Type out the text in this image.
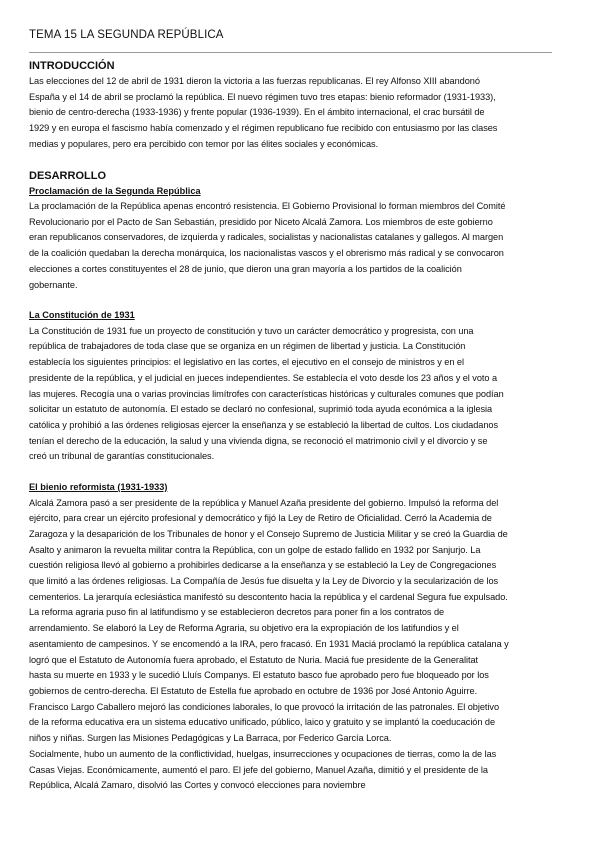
TEMA 15 LA SEGUNDA REPÚBLICA
INTRODUCCIÓN
Las elecciones del 12 de abril de 1931 dieron la victoria a las fuerzas republicanas. El rey Alfonso XIII abandonó
España y el 14 de abril se proclamó la república. El nuevo régimen tuvo tres etapas: bienio reformador (1931-1933),
bienio de centro-derecha (1933-1936) y frente popular (1936-1939). En el ámbito internacional, el crac bursátil de
1929 y en europa el fascismo había comenzado y el régimen republicano fue recibido con entusiasmo por las clases
medias y populares, pero era percibido con temor por las élites sociales y económicas.
DESARROLLO
Proclamación de la Segunda República
La proclamación de la República apenas encontró resistencia. El Gobierno Provisional lo forman miembros del Comité
Revolucionario por el Pacto de San Sebastián, presidido por Niceto Alcalá Zamora. Los miembros de este gobierno
eran republicanos conservadores, de izquierda y radicales, socialistas y nacionalistas catalanes y gallegos. Al margen
de la coalición quedaban la derecha monárquica, los nacionalistas vascos y el obrerismo más radical y se convocaron
elecciones a cortes constituyentes el 28 de junio, que dieron una gran mayoría a los partidos de la coalición
gobernante.
La Constitución de 1931
La Constitución de 1931 fue un proyecto de constitución y tuvo un carácter democrático y progresista, con una
república de trabajadores de toda clase que se organiza en un régimen de libertad y justicia. La Constitución
establecía los siguientes principios: el legislativo en las cortes, el ejecutivo en el consejo de ministros y en el
presidente de la república, y el judicial en jueces independientes. Se establecía el voto desde los 23 años y el voto a
las mujeres. Recogía una o varias provincias limítrofes con características históricas y culturales comunes que podían
solicitar un estatuto de autonomía. El estado se declaró no confesional, suprimió toda ayuda económica a la iglesia
católica y prohibió a las órdenes religiosas ejercer la enseñanza y se estableció la libertad de cultos. Los ciudadanos
tenían el derecho de la educación, la salud y una vivienda digna, se reconoció el matrimonio civil y el divorcio y se
creó un tribunal de garantías constitucionales.
El bienio reformista (1931-1933)
Alcalá Zamora pasó a ser presidente de la república y Manuel Azaña presidente del gobierno. Impulsó la reforma del
ejército, para crear un ejército profesional y democrático y fijó la Ley de Retiro de Oficialidad. Cerró la Academia de
Zaragoza y la desaparición de los Tribunales de honor y el Consejo Supremo de Justicia Militar y se creó la Guardia de
Asalto y animaron la revuelta militar contra la República, con un golpe de estado fallido en 1932 por Sanjurjo. La
cuestión religiosa llevó al gobierno a prohibirles dedicarse a la enseñanza y se estableció la Ley de Congregaciones
que limitó a las órdenes religiosas. La Compañía de Jesús fue disuelta y la Ley de Divorcio y la secularización de los
cementerios. La jerarquía eclesiástica manifestó su descontento hacia la república y el cardenal Segura fue expulsado.
La reforma agraria puso fin al latifundismo y se establecieron decretos para poner fin a los contratos de
arrendamiento. Se elaboró la Ley de Reforma Agraria, su objetivo era la expropiación de los latifundios y el
asentamiento de campesinos. Y se encomendó a la IRA, pero fracasó. En 1931 Maciá proclamó la república catalana y
logró que el Estatuto de Autonomía fuera aprobado, el Estatuto de Nuria. Maciá fue presidente de la Generalitat
hasta su muerte en 1933 y le sucedió Lluís Companys. El estatuto basco fue aprobado pero fue bloqueado por los
gobiernos de centro-derecha. El Estatuto de Estella fue aprobado en octubre de 1936 por José Antonio Aguirre.
Francisco Largo Caballero mejoró las condiciones laborales, lo que provocó la irritación de las patronales. El objetivo
de la reforma educativa era un sistema educativo unificado, público, laico y gratuito y se implantó la coeducación de
niños y niñas. Surgen las Misiones Pedagógicas y La Barraca, por Federico García Lorca.
Socialmente, hubo un aumento de la conflictividad, huelgas, insurrecciones y ocupaciones de tierras, como la de las
Casas Viejas. Económicamente, aumentó el paro. El jefe del gobierno, Manuel Azaña, dimitió y el presidente de la
República, Alcalá Zamaro, disolvió las Cortes y convocó elecciones para noviembre
